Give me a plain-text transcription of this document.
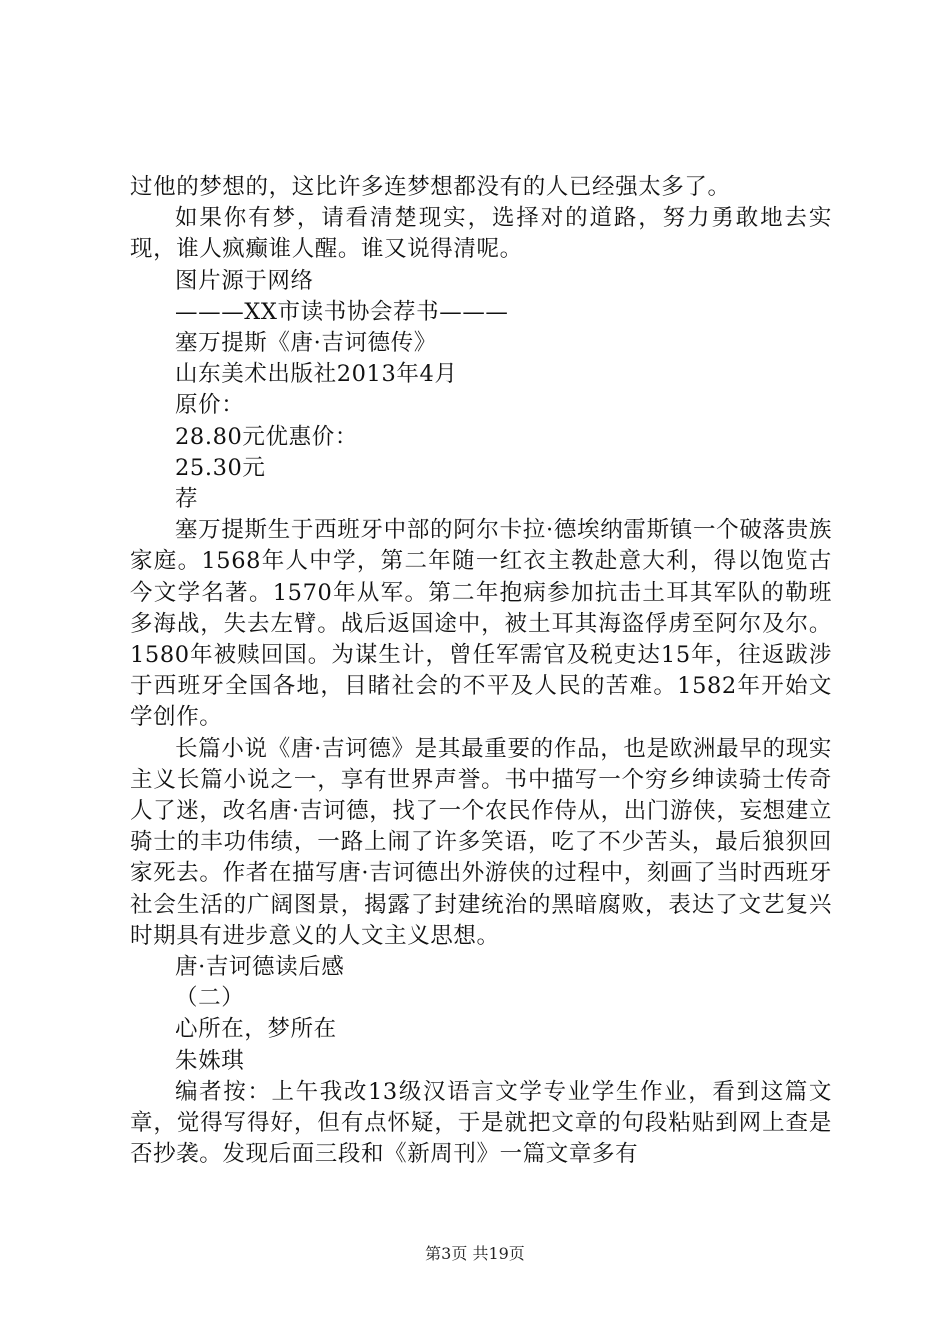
过他的梦想的，这比许多连梦想都没有的人已经强太多了。

如果你有梦，请看清楚现实，选择对的道路，努力勇敢地去实现，谁人疯癫谁人醒。谁又说得清呢。

图片源于网络

———XX市读书协会荐书———

塞万提斯《唐·吉诃德传》

山东美术出版社2013年4月

原价：

28.80元优惠价：

25.30元

荐

塞万提斯生于西班牙中部的阿尔卡拉·德埃纳雷斯镇一个破落贵族家庭。1568年人中学，第二年随一红衣主教赴意大利，得以饱览古今文学名著。1570年从军。第二年抱病参加抗击土耳其军队的勒班多海战，失去左臂。战后返国途中，被土耳其海盗俘虏至阿尔及尔。1580年被赎回国。为谋生计，曾任军需官及税吏达15年，往返跋涉于西班牙全国各地，目睹社会的不平及人民的苦难。1582年开始文学创作。

长篇小说《唐·吉诃德》是其最重要的作品，也是欧洲最早的现实主义长篇小说之一，享有世界声誉。书中描写一个穷乡绅读骑士传奇人了迷，改名唐·吉诃德，找了一个农民作侍从，出门游侠，妄想建立骑士的丰功伟绩，一路上闹了许多笑语，吃了不少苦头，最后狼狈回家死去。作者在描写唐·吉诃德出外游侠的过程中，刻画了当时西班牙社会生活的广阔图景，揭露了封建统治的黑暗腐败，表达了文艺复兴时期具有进步意义的人文主义思想。

唐·吉诃德读后感

（二）

心所在，梦所在

朱姝琪

编者按：上午我改13级汉语言文学专业学生作业，看到这篇文章，觉得写得好，但有点怀疑，于是就把文章的句段粘贴到网上查是否抄袭。发现后面三段和《新周刊》一篇文章多有

第3页 共19页
